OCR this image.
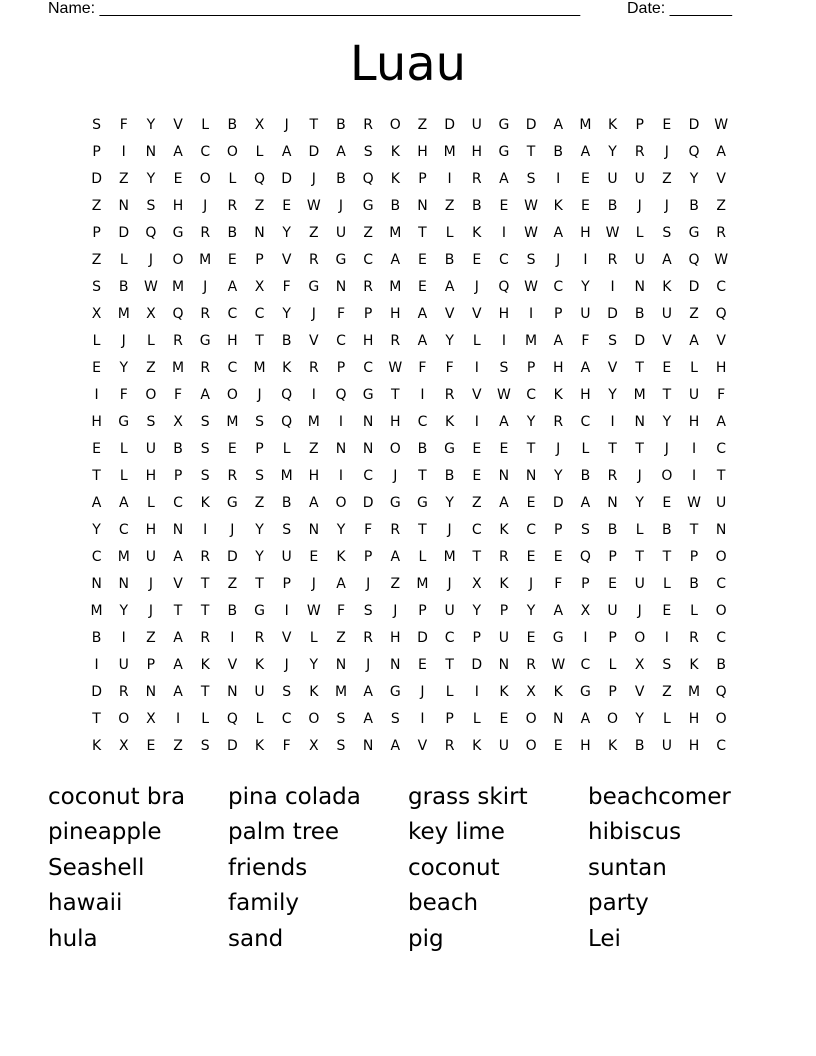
Name: ______________________________________________________	Date: _______
Luau
S	F	Y	V	L	B	X	J	T	B	R	O	Z	D	U	G	D	A	M	K	P	E	D	W
P	I	N	A	C	O	L	A	D	A	S	K	H	M	H	G	T	B	A	Y	R	J	Q	A
D	Z	Y	E	O	L	Q	D	J	B	Q	K	P	I	R	A	S	I	E	U	U	Z	Y	V
Z	N	S	H	J	R	Z	E	W	J	G	B	N	Z	B	E	W	K	E	B	J	J	B	Z
P	D	Q	G	R	B	N	Y	Z	U	Z	M	T	L	K	I	W	A	H	W	L	S	G	R
Z	L	J	O	M	E	P	V	R	G	C	A	E	B	E	C	S	J	I	R	U	A	Q	W
S	B	W	M	J	A	X	F	G	N	R	M	E	A	J	Q	W	C	Y	I	N	K	D	C
X	M	X	Q	R	C	C	Y	J	F	P	H	A	V	V	H	I	P	U	D	B	U	Z	Q
L	J	L	R	G	H	T	B	V	C	H	R	A	Y	L	I	M	A	F	S	D	V	A	V
E	Y	Z	M	R	C	M	K	R	P	C	W	F	F	I	S	P	H	A	V	T	E	L	H
I	F	O	F	A	O	J	Q	I	Q	G	T	I	R	V	W	C	K	H	Y	M	T	U	F
H	G	S	X	S	M	S	Q	M	I	N	H	C	K	I	A	Y	R	C	I	N	Y	H	A
E	L	U	B	S	E	P	L	Z	N	N	O	B	G	E	E	T	J	L	T	T	J	I	C
T	L	H	P	S	R	S	M	H	I	C	J	T	B	E	N	N	Y	B	R	J	O	I	T
A	A	L	C	K	G	Z	B	A	O	D	G	G	Y	Z	A	E	D	A	N	Y	E	W	U
Y	C	H	N	I	J	Y	S	N	Y	F	R	T	J	C	K	C	P	S	B	L	B	T	N
C	M	U	A	R	D	Y	U	E	K	P	A	L	M	T	R	E	E	Q	P	T	T	P	O
N	N	J	V	T	Z	T	P	J	A	J	Z	M	J	X	K	J	F	P	E	U	L	B	C
M	Y	J	T	T	B	G	I	W	F	S	J	P	U	Y	P	Y	A	X	U	J	E	L	O
B	I	Z	A	R	I	R	V	L	Z	R	H	D	C	P	U	E	G	I	P	O	I	R	C
I	U	P	A	K	V	K	J	Y	N	J	N	E	T	D	N	R	W	C	L	X	S	K	B
D	R	N	A	T	N	U	S	K	M	A	G	J	L	I	K	X	K	G	P	V	Z	M	Q
T	O	X	I	L	Q	L	C	O	S	A	S	I	P	L	E	O	N	A	O	Y	L	H	O
K	X	E	Z	S	D	K	F	X	S	N	A	V	R	K	U	O	E	H	K	B	U	H	C
coconut bra	pina colada	grass skirt	beachcomer
pineapple	palm tree	key lime	hibiscus
Seashell	friends	coconut	suntan
hawaii	family	beach	party
hula	sand	pig	Lei
